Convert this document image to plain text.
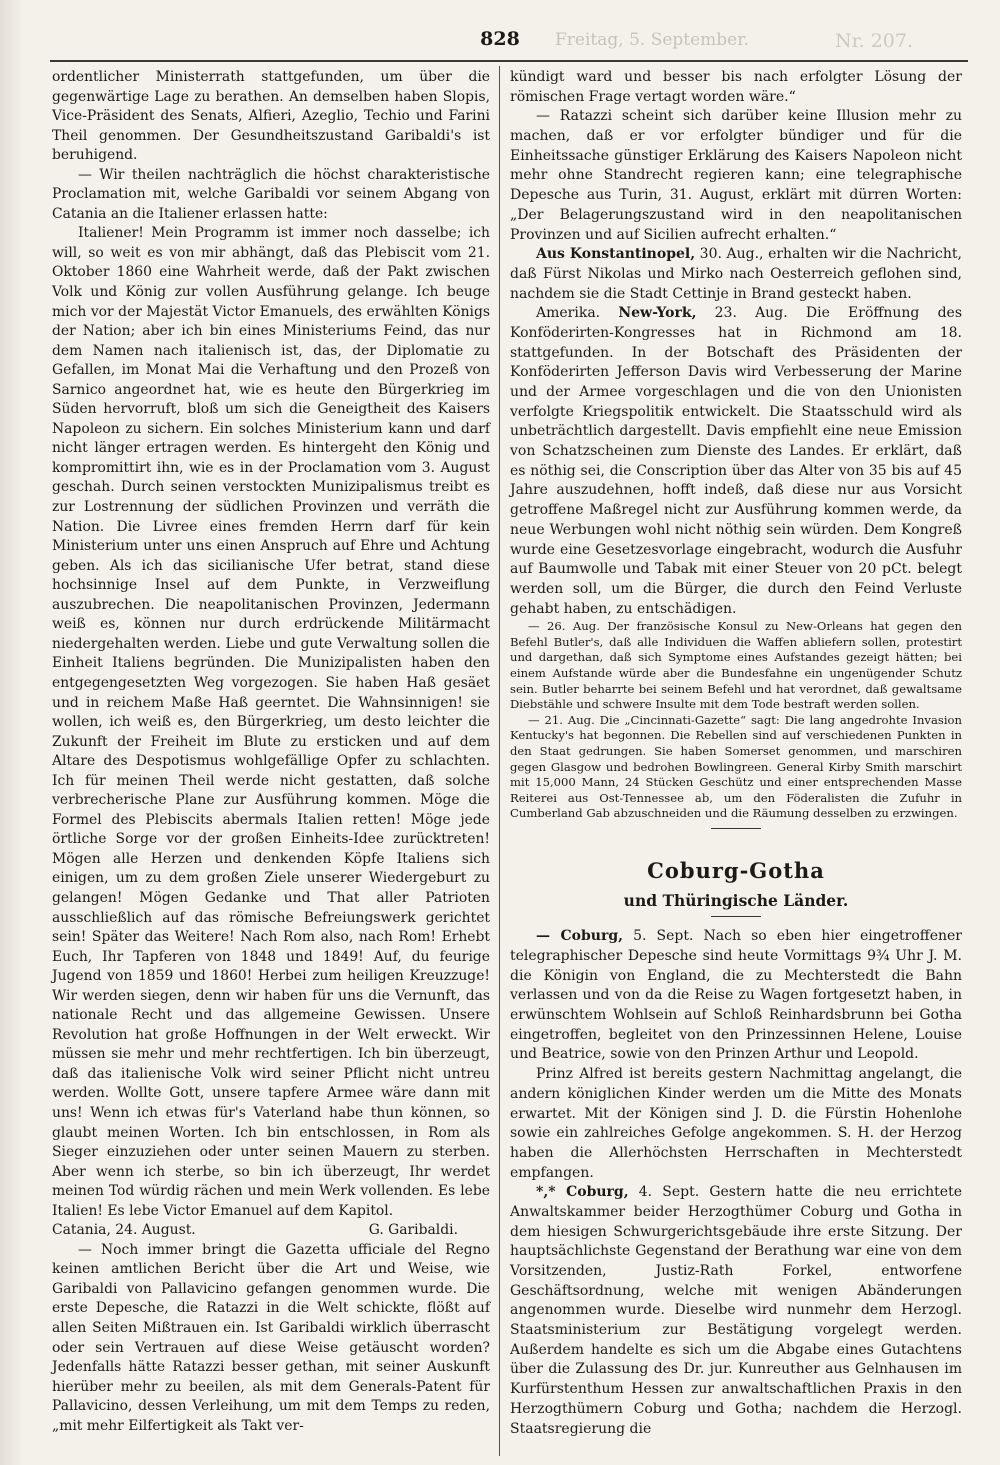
Freitag, 5. September.
828	Nr. 207.

ordentlicher Ministerrath stattgefunden, um über die gegenwärtige Lage zu berathen. An demselben haben Slopis, Vice-Präsident des Senats, Alfieri, Azeglio, Techio und Farini Theil genommen. Der Gesundheitszustand Garibaldi's ist beruhigend.

— Wir theilen nachträglich die höchst charakteristische Proclamation mit, welche Garibaldi vor seinem Abgang von Catania an die Italiener erlassen hatte:

Italiener! Mein Programm ist immer noch dasselbe; ich will, so weit es von mir abhängt, daß das Plebiscit vom 21. Oktober 1860 eine Wahrheit werde, daß der Pakt zwischen Volk und König zur vollen Ausführung gelange. Ich beuge mich vor der Majestät Victor Emanuels, des erwählten Königs der Nation; aber ich bin eines Ministeriums Feind, das nur dem Namen nach italienisch ist, das, der Diplomatie zu Gefallen, im Monat Mai die Verhaftung und den Prozeß von Sarnico angeordnet hat, wie es heute den Bürgerkrieg im Süden hervorruft, bloß um sich die Geneigtheit des Kaisers Napoleon zu sichern. Ein solches Ministerium kann und darf nicht länger ertragen werden. Es hintergeht den König und kompromittirt ihn, wie es in der Proclamation vom 3. August geschah. Durch seinen verstockten Munizipalismus treibt es zur Lostrennung der südlichen Provinzen und verräth die Nation. Die Livree eines fremden Herrn darf für kein Ministerium unter uns einen Anspruch auf Ehre und Achtung geben. Als ich das sicilianische Ufer betrat, stand diese hochsinnige Insel auf dem Punkte, in Verzweiflung auszubrechen. Die neapolitanischen Provinzen, Jedermann weiß es, können nur durch erdrückende Militärmacht niedergehalten werden. Liebe und gute Verwaltung sollen die Einheit Italiens begründen. Die Munizipalisten haben den entgegengesetzten Weg vorgezogen. Sie haben Haß gesäet und in reichem Maße Haß geerntet. Die Wahnsinnigen! sie wollen, ich weiß es, den Bürgerkrieg, um desto leichter die Zukunft der Freiheit im Blute zu ersticken und auf dem Altare des Despotismus wohlgefällige Opfer zu schlachten. Ich für meinen Theil werde nicht gestatten, daß solche verbrecherische Plane zur Ausführung kommen. Möge die Formel des Plebiscits abermals Italien retten! Möge jede örtliche Sorge vor der großen Einheits-Idee zurücktreten! Mögen alle Herzen und denkenden Köpfe Italiens sich einigen, um zu dem großen Ziele unserer Wiedergeburt zu gelangen! Mögen Gedanke und That aller Patrioten ausschließlich auf das römische Befreiungswerk gerichtet sein! Später das Weitere! Nach Rom also, nach Rom! Erhebt Euch, Ihr Tapferen von 1848 und 1849! Auf, du feurige Jugend von 1859 und 1860! Herbei zum heiligen Kreuzzuge! Wir werden siegen, denn wir haben für uns die Vernunft, das nationale Recht und das allgemeine Gewissen. Unsere Revolution hat große Hoffnungen in der Welt erweckt. Wir müssen sie mehr und mehr rechtfertigen. Ich bin überzeugt, daß das italienische Volk wird seiner Pflicht nicht untreu werden. Wollte Gott, unsere tapfere Armee wäre dann mit uns! Wenn ich etwas für's Vaterland habe thun können, so glaubt meinen Worten. Ich bin entschlossen, in Rom als Sieger einzuziehen oder unter seinen Mauern zu sterben. Aber wenn ich sterbe, so bin ich überzeugt, Ihr werdet meinen Tod würdig rächen und mein Werk vollenden. Es lebe Italien! Es lebe Victor Emanuel auf dem Kapitol.

Catania, 24. August.	G. Garibaldi.

— Noch immer bringt die Gazetta ufficiale del Regno keinen amtlichen Bericht über die Art und Weise, wie Garibaldi von Pallavicino gefangen genommen wurde. Die erste Depesche, die Ratazzi in die Welt schickte, flößt auf allen Seiten Mißtrauen ein. Ist Garibaldi wirklich überrascht oder sein Vertrauen auf diese Weise getäuscht worden? Jedenfalls hätte Ratazzi besser gethan, mit seiner Auskunft hierüber mehr zu beeilen, als mit dem Generals-Patent für Pallavicino, dessen Verleihung, um mit dem Temps zu reden, „mit mehr Eilfertigkeit als Takt ver-

kündigt ward und besser bis nach erfolgter Lösung der römischen Frage vertagt worden wäre.“

— Ratazzi scheint sich darüber keine Illusion mehr zu machen, daß er vor erfolgter bündiger und für die Einheitssache günstiger Erklärung des Kaisers Napoleon nicht mehr ohne Standrecht regieren kann; eine telegraphische Depesche aus Turin, 31. August, erklärt mit dürren Worten: „Der Belagerungszustand wird in den neapolitanischen Provinzen und auf Sicilien aufrecht erhalten.“

Aus Konstantinopel, 30. Aug., erhalten wir die Nachricht, daß Fürst Nikolas und Mirko nach Oesterreich geflohen sind, nachdem sie die Stadt Cettinje in Brand gesteckt haben.

Amerika. New-York, 23. Aug. Die Eröffnung des Konföderirten-Kongresses hat in Richmond am 18. stattgefunden. In der Botschaft des Präsidenten der Konföderirten Jefferson Davis wird Verbesserung der Marine und der Armee vorgeschlagen und die von den Unionisten verfolgte Kriegspolitik entwickelt. Die Staatsschuld wird als unbeträchtlich dargestellt. Davis empfiehlt eine neue Emission von Schatzscheinen zum Dienste des Landes. Er erklärt, daß es nöthig sei, die Conscription über das Alter von 35 bis auf 45 Jahre auszudehnen, hofft indeß, daß diese nur aus Vorsicht getroffene Maßregel nicht zur Ausführung kommen werde, da neue Werbungen wohl nicht nöthig sein würden. Dem Kongreß wurde eine Gesetzesvorlage eingebracht, wodurch die Ausfuhr auf Baumwolle und Tabak mit einer Steuer von 20 pCt. belegt werden soll, um die Bürger, die durch den Feind Verluste gehabt haben, zu entschädigen.

— 26. Aug. Der französische Konsul zu New-Orleans hat gegen den Befehl Butler's, daß alle Individuen die Waffen abliefern sollen, protestirt und dargethan, daß sich Symptome eines Aufstandes gezeigt hätten; bei einem Aufstande würde aber die Bundesfahne ein ungenügender Schutz sein. Butler beharrte bei seinem Befehl und hat verordnet, daß gewaltsame Diebstähle und schwere Insulte mit dem Tode bestraft werden sollen.

— 21. Aug. Die „Cincinnati-Gazette“ sagt: Die lang angedrohte Invasion Kentucky's hat begonnen. Die Rebellen sind auf verschiedenen Punkten in den Staat gedrungen. Sie haben Somerset genommen, und marschiren gegen Glasgow und bedrohen Bowlingreen. General Kirby Smith marschirt mit 15,000 Mann, 24 Stücken Geschütz und einer entsprechenden Masse Reiterei aus Ost-Tennessee ab, um den Föderalisten die Zufuhr in Cumberland Gab abzuschneiden und die Räumung desselben zu erzwingen.

Coburg-Gotha
und Thüringische Länder.

— Coburg, 5. Sept. Nach so eben hier eingetroffener telegraphischer Depesche sind heute Vormittags 9¾ Uhr J. M. die Königin von England, die zu Mechterstedt die Bahn verlassen und von da die Reise zu Wagen fortgesetzt haben, in erwünschtem Wohlsein auf Schloß Reinhardsbrunn bei Gotha eingetroffen, begleitet von den Prinzessinnen Helene, Louise und Beatrice, sowie von den Prinzen Arthur und Leopold.

Prinz Alfred ist bereits gestern Nachmittag angelangt, die andern königlichen Kinder werden um die Mitte des Monats erwartet. Mit der Königen sind J. D. die Fürstin Hohenlohe sowie ein zahlreiches Gefolge angekommen. S. H. der Herzog haben die Allerhöchsten Herrschaften in Mechterstedt empfangen.

*,* Coburg, 4. Sept. Gestern hatte die neu errichtete Anwaltskammer beider Herzogthümer Coburg und Gotha in dem hiesigen Schwurgerichtsgebäude ihre erste Sitzung. Der hauptsächlichste Gegenstand der Berathung war eine von dem Vorsitzenden, Justiz-Rath Forkel, entworfene Geschäftsordnung, welche mit wenigen Abänderungen angenommen wurde. Dieselbe wird nunmehr dem Herzogl. Staatsministerium zur Bestätigung vorgelegt werden. Außerdem handelte es sich um die Abgabe eines Gutachtens über die Zulassung des Dr. jur. Kunreuther aus Gelnhausen im Kurfürstenthum Hessen zur anwaltschaftlichen Praxis in den Herzogthümern Coburg und Gotha; nachdem die Herzogl. Staatsregierung die
